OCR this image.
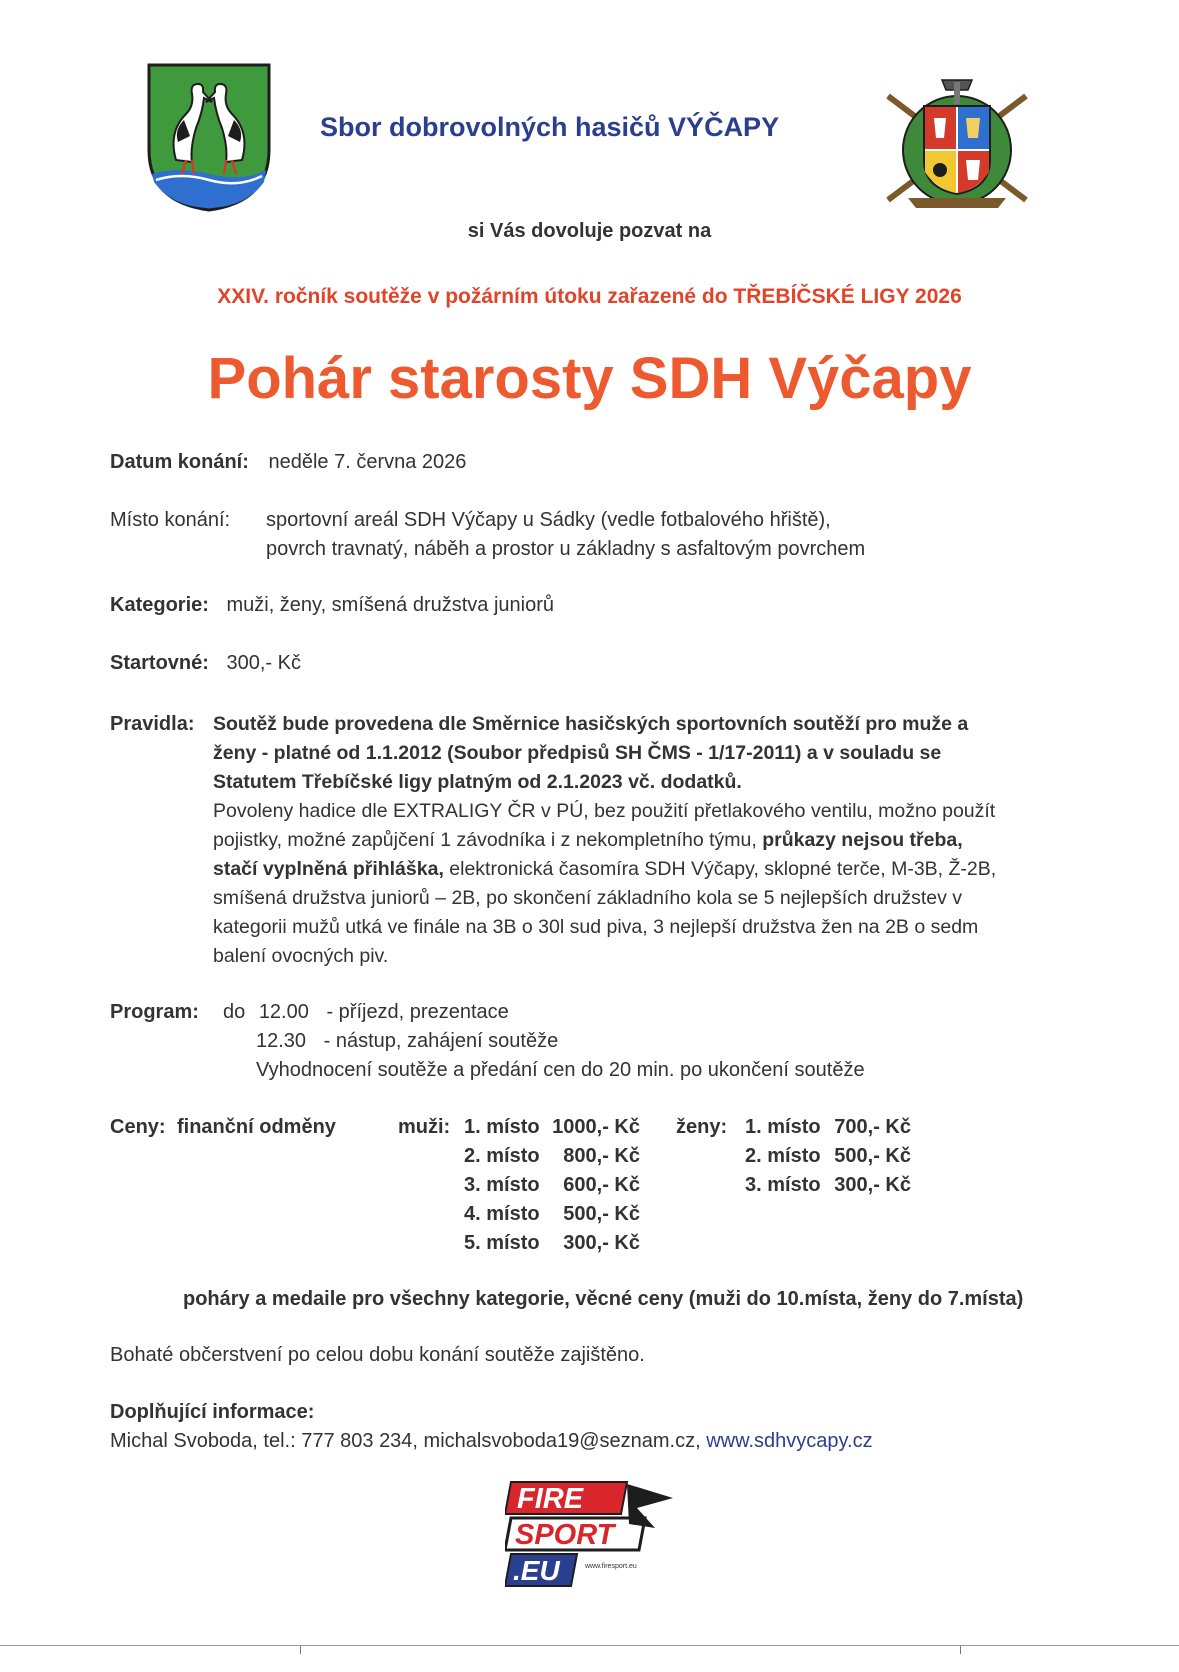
Sbor dobrovolných hasičů VÝČAPY
si Vás dovoluje pozvat na
XXIV. ročník soutěže v požárním útoku zařazené do TŘEBÍČSKÉ LIGY 2026
Pohár starosty SDH Výčapy
Datum konání: neděle 7. června 2026
Místo konání: sportovní areál SDH Výčapy u Sádky (vedle fotbalového hřiště),
povrch travnatý, náběh a prostor u základny s asfaltovým povrchem
Kategorie: muži, ženy, smíšená družstva juniorů
Startovné: 300,- Kč
Pravidla: Soutěž bude provedena dle Směrnice hasičských sportovních soutěží pro muže a
ženy - platné od 1.1.2012 (Soubor předpisů SH ČMS - 1/17-2011) a v souladu se
Statutem Třebíčské ligy platným od 2.1.2023 vč. dodatků.
Povoleny hadice dle EXTRALIGY ČR v PÚ, bez použití přetlakového ventilu, možno použít
pojistky, možné zapůjčení 1 závodníka i z nekompletního týmu, průkazy nejsou třeba,
stačí vyplněná přihláška, elektronická časomíra SDH Výčapy, sklopné terče, M-3B, Ž-2B,
smíšená družstva juniorů – 2B, po skončení základního kola se 5 nejlepších družstev v
kategorii mužů utká ve finále na 3B o 30l sud piva, 3 nejlepší družstva žen na 2B o sedm
balení ovocných piv.
Program: do 12.00 - příjezd, prezentace
12.30 - nástup, zahájení soutěže
Vyhodnocení soutěže a předání cen do 20 min. po ukončení soutěže
Ceny: finanční odměny	muži: 1. místo 1000,- Kč
2. místo 800,- Kč
3. místo 600,- Kč
4. místo 500,- Kč
5. místo 300,- Kč
ženy: 1. místo 700,- Kč
2. místo 500,- Kč
3. místo 300,- Kč
poháry a medaile pro všechny kategorie, věcné ceny (muži do 10.místa, ženy do 7.místa)
Bohaté občerstvení po celou dobu konání soutěže zajištěno.
Doplňující informace:
Michal Svoboda, tel.: 777 803 234, michalsvoboda19@seznam.cz, www.sdhvycapy.cz
FIRE
SPORT
.EU	www.firesport.eu
